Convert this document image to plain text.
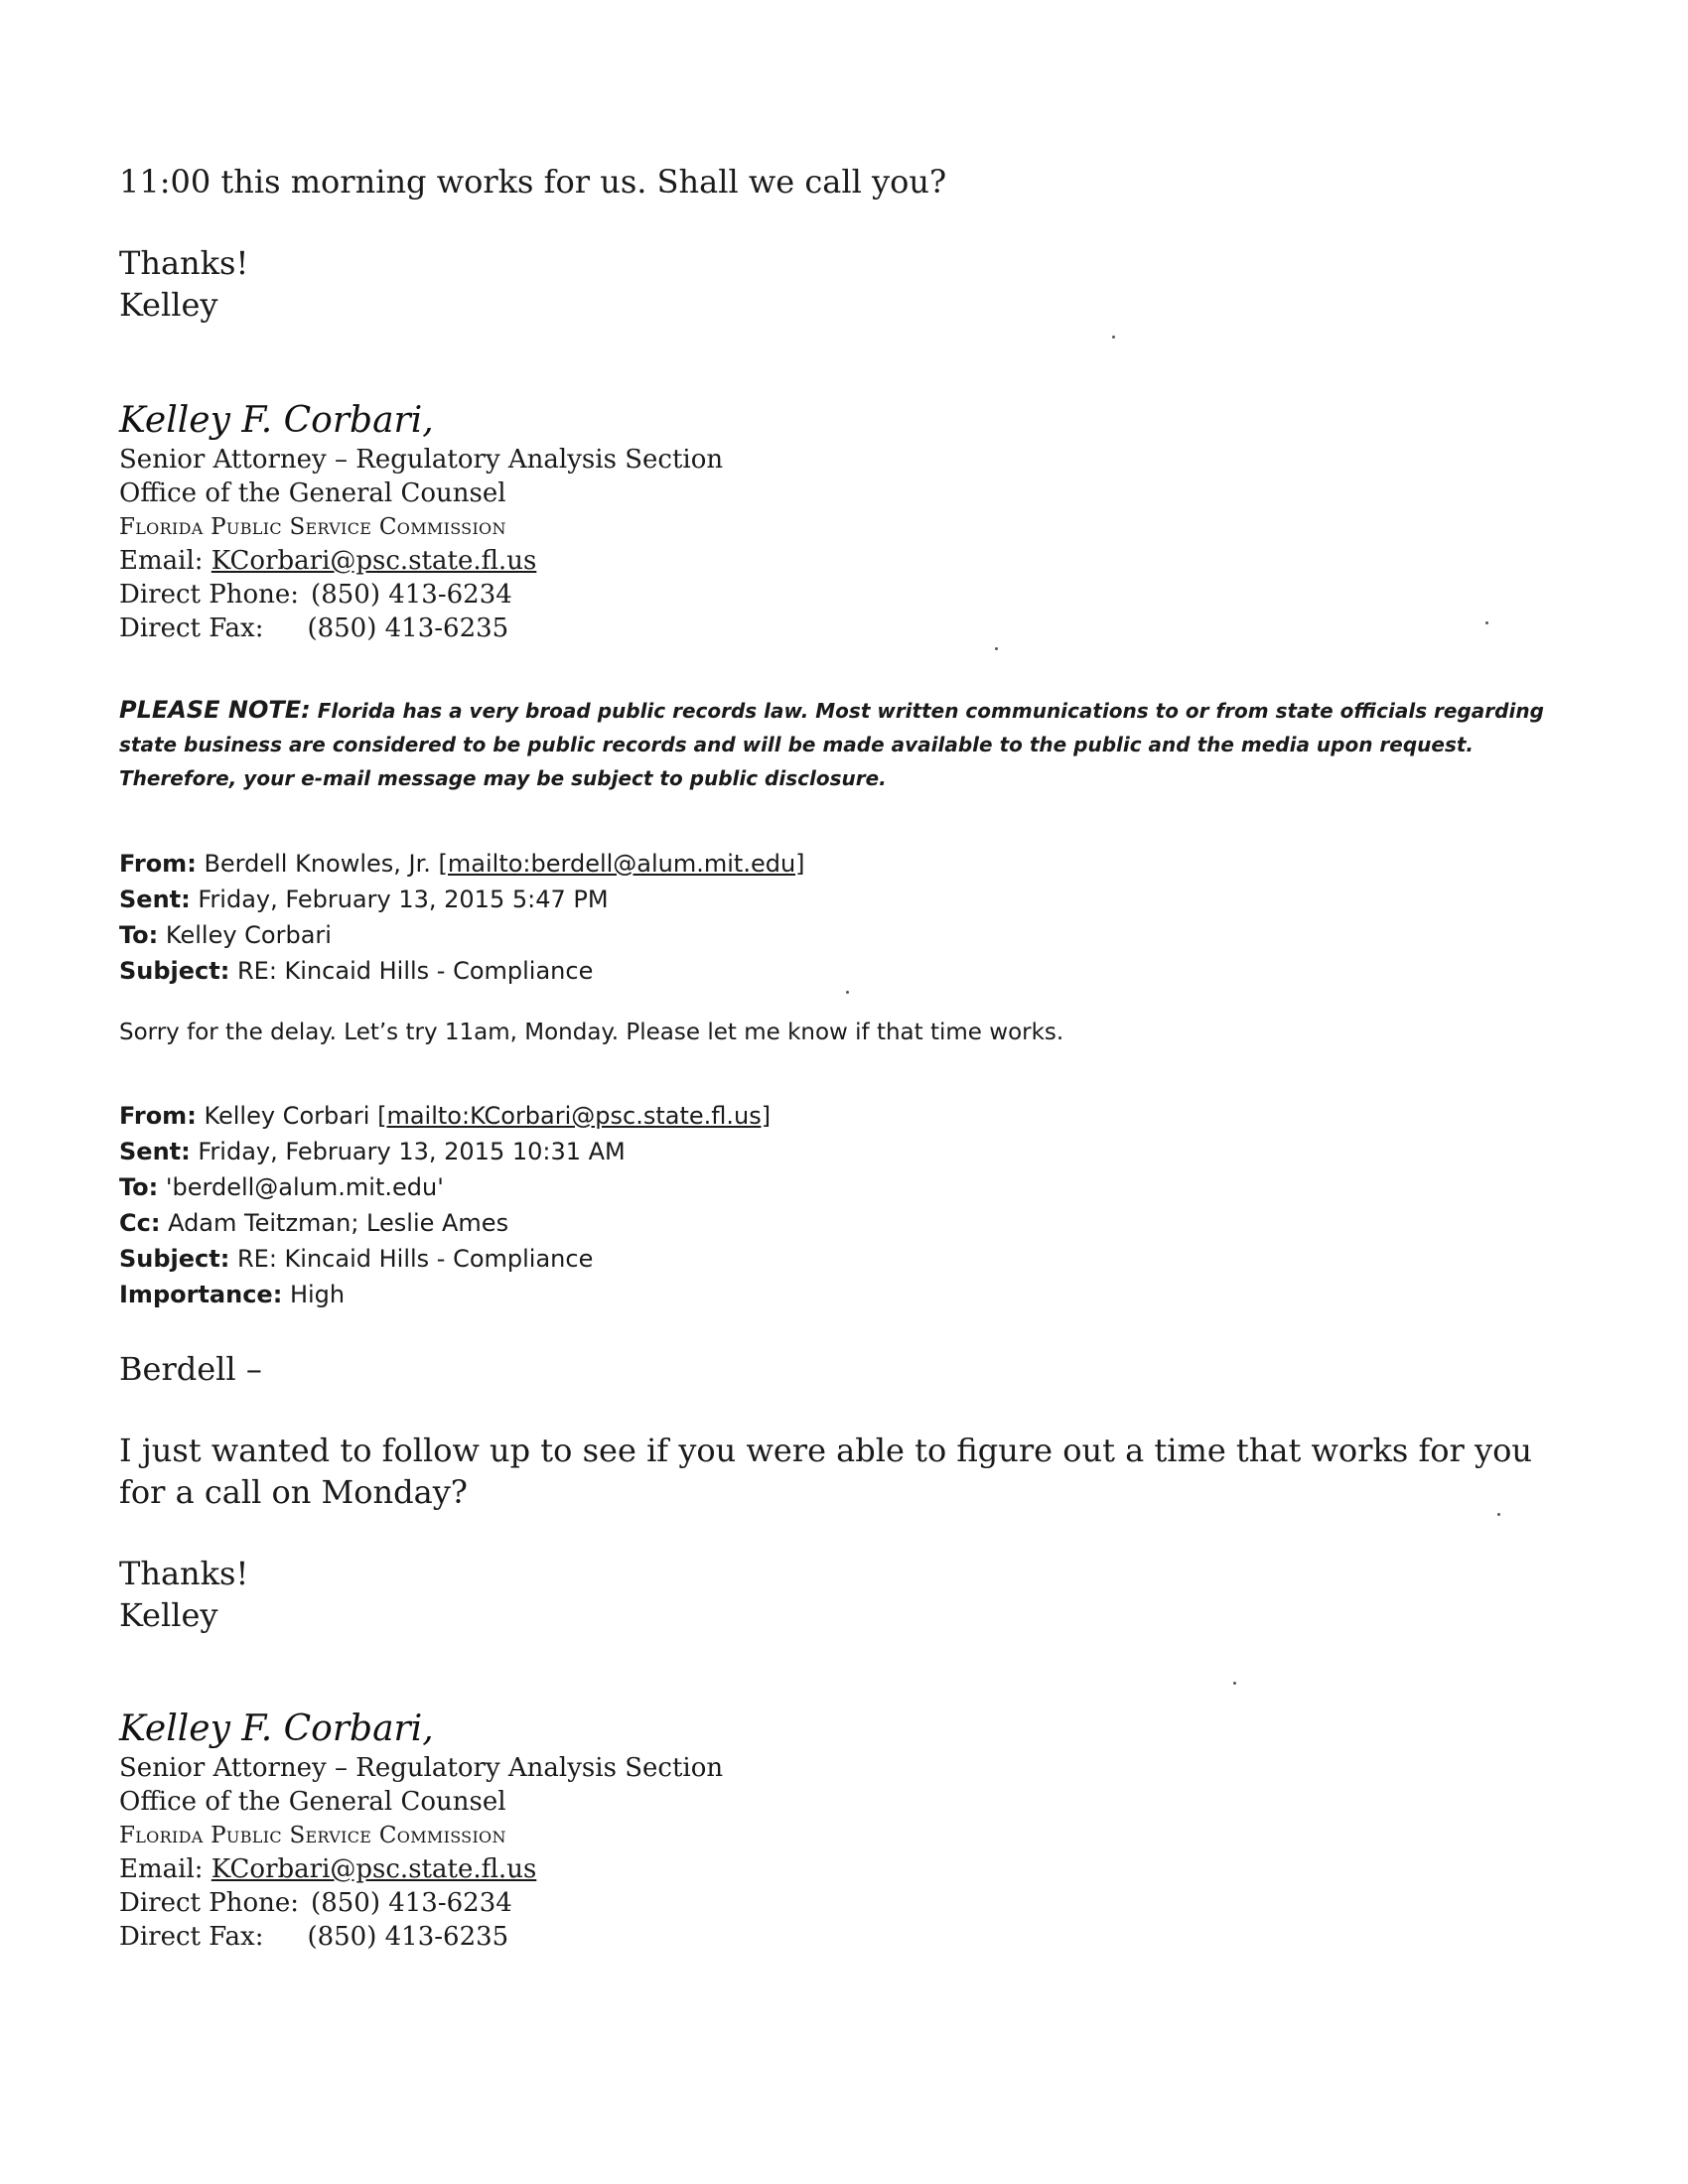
11:00 this morning works for us. Shall we call you?
Thanks!
Kelley
Kelley F. Corbari,
Senior Attorney – Regulatory Analysis Section
Office of the General Counsel
Florida Public Service Commission
Email: KCorbari@psc.state.fl.us
Direct Phone: (850) 413-6234
Direct Fax: (850) 413-6235
PLEASE NOTE: Florida has a very broad public records law. Most written communications to or from state officials regarding state business are considered to be public records and will be made available to the public and the media upon request. Therefore, your e-mail message may be subject to public disclosure.
From: Berdell Knowles, Jr. [mailto:berdell@alum.mit.edu]
Sent: Friday, February 13, 2015 5:47 PM
To: Kelley Corbari
Subject: RE: Kincaid Hills - Compliance
Sorry for the delay. Let’s try 11am, Monday. Please let me know if that time works.
From: Kelley Corbari [mailto:KCorbari@psc.state.fl.us]
Sent: Friday, February 13, 2015 10:31 AM
To: 'berdell@alum.mit.edu'
Cc: Adam Teitzman; Leslie Ames
Subject: RE: Kincaid Hills - Compliance
Importance: High
Berdell –
I just wanted to follow up to see if you were able to figure out a time that works for you for a call on Monday?
Thanks!
Kelley
Kelley F. Corbari,
Senior Attorney – Regulatory Analysis Section
Office of the General Counsel
Florida Public Service Commission
Email: KCorbari@psc.state.fl.us
Direct Phone: (850) 413-6234
Direct Fax: (850) 413-6235
